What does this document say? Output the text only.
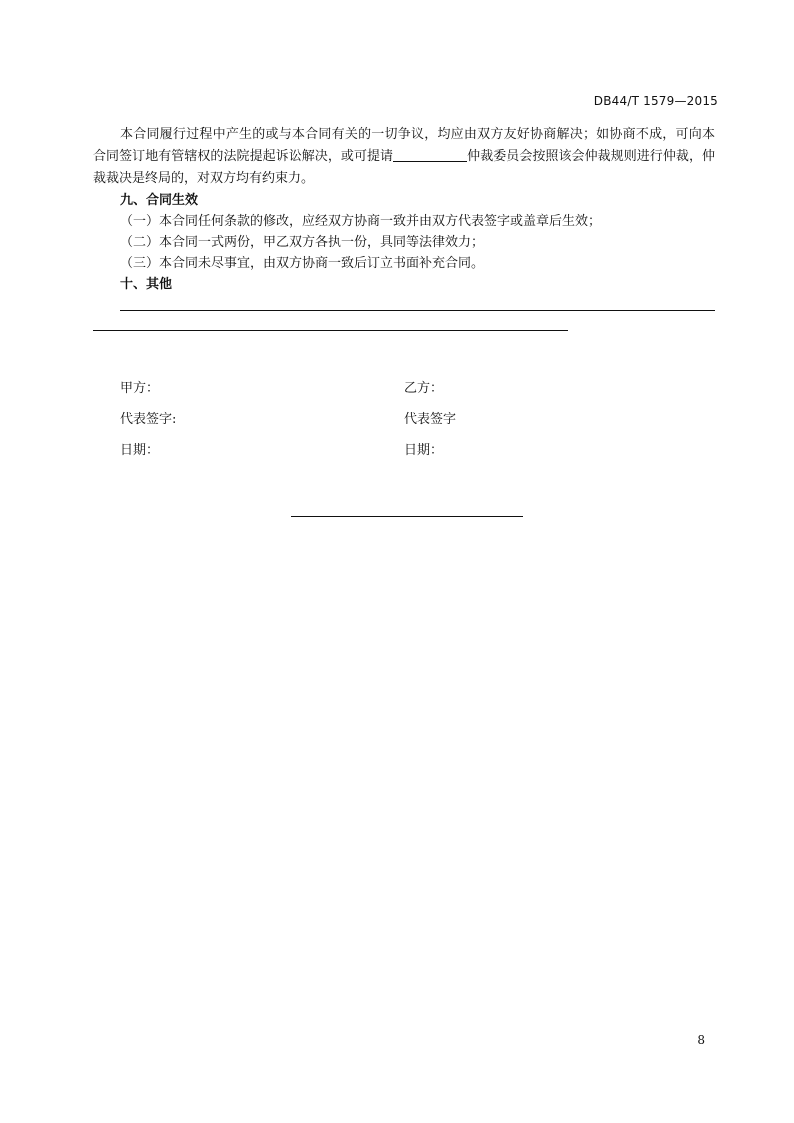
DB44/T 1579—2015

本合同履行过程中产生的或与本合同有关的一切争议，均应由双方友好协商解决；如协商不成，可向本合同签订地有管辖权的法院提起诉讼解决，或可提请	仲裁委员会按照该会仲裁规则进行仲裁，仲裁裁决是终局的，对双方均有约束力。

九、合同生效

（一）本合同任何条款的修改，应经双方协商一致并由双方代表签字或盖章后生效；

（二）本合同一式两份，甲乙双方各执一份，具同等法律效力；

（三）本合同未尽事宜，由双方协商一致后订立书面补充合同。

十、其他

甲方：	乙方：
代表签字:	代表签字
日期：	日期：
8
